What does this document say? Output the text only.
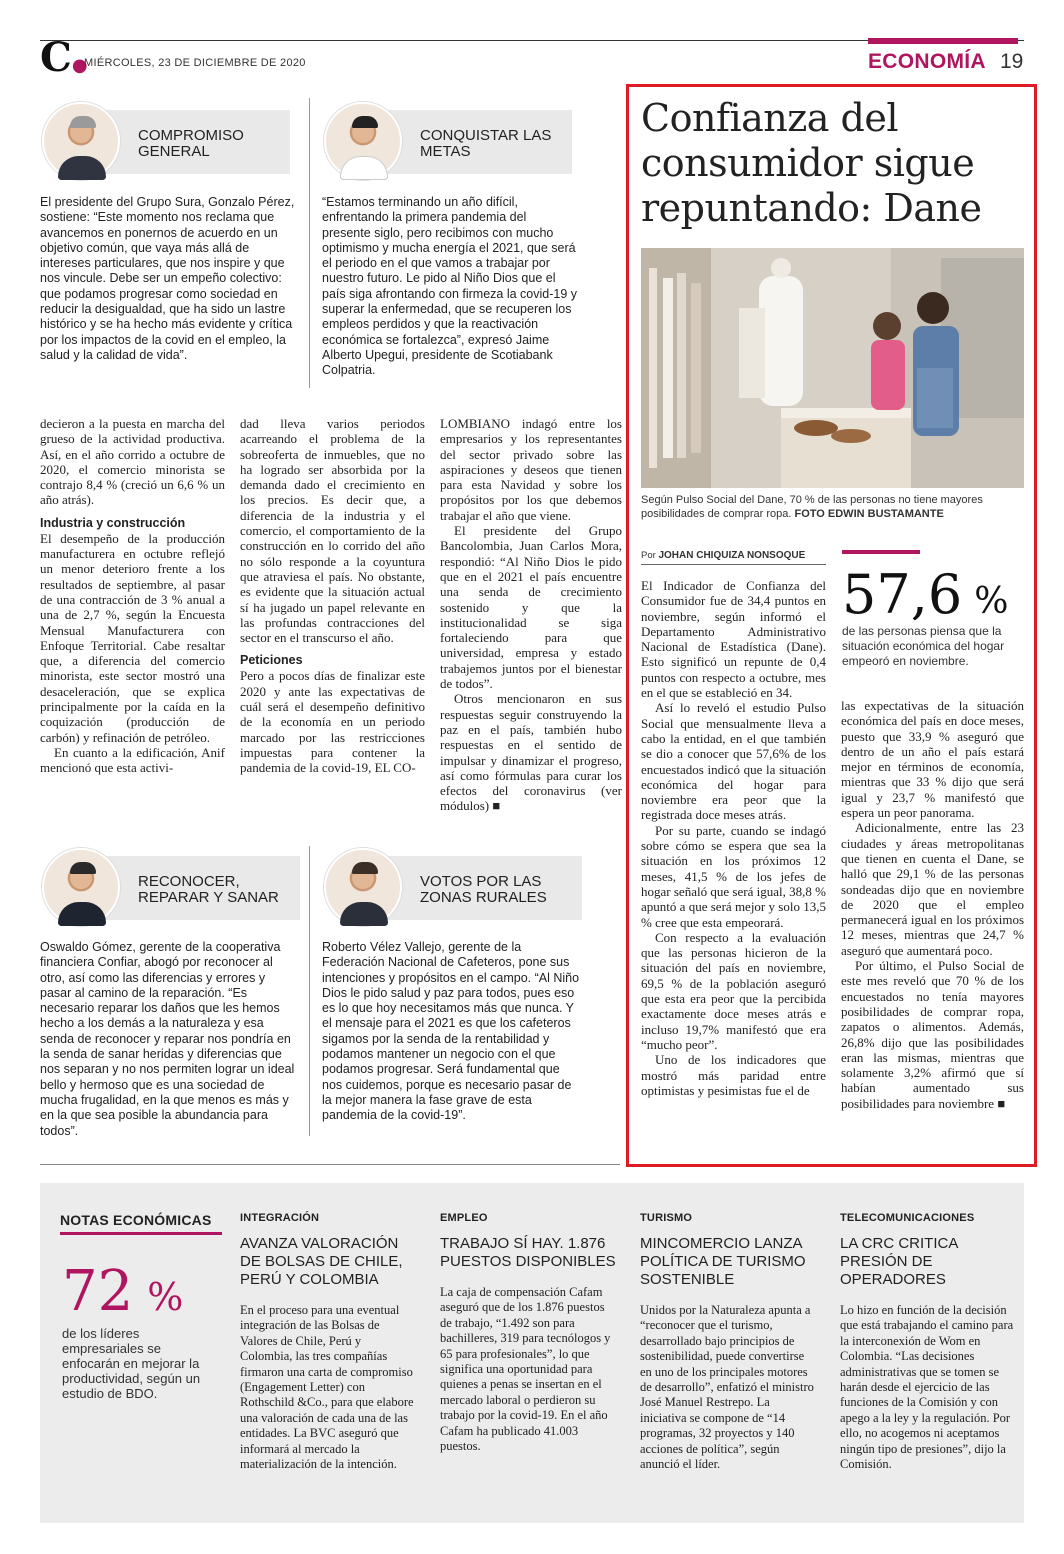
C●
MIÉRCOLES, 23 DE DICIEMBRE DE 2020	ECONOMÍA 19
COMPROMISO GENERAL
El presidente del Grupo Sura, Gonzalo Pérez, sostiene: “Este momento nos reclama que avancemos en ponernos de acuerdo en un objetivo común, que vaya más allá de intereses particulares, que nos inspire y que nos vincule. Debe ser un empeño colectivo: que podamos progresar como sociedad en reducir la desigualdad, que ha sido un lastre histórico y se ha hecho más evidente y crítica por los impactos de la covid en el empleo, la salud y la calidad de vida”.
CONQUISTAR LAS METAS
“Estamos terminando un año difícil, enfrentando la primera pandemia del presente siglo, pero recibimos con mucho optimismo y mucha energía el 2021, que será el periodo en el que vamos a trabajar por nuestro futuro. Le pido al Niño Dios que el país siga afrontando con firmeza la covid-19 y superar la enfermedad, que se recuperen los empleos perdidos y que la reactivación económica se fortalezca”, expresó Jaime Alberto Upegui, presidente de Scotiabank Colpatria.

decieron a la puesta en marcha del grueso de la actividad productiva. Así, en el año corrido a octubre de 2020, el comercio minorista se contrajo 8,4 % (creció un 6,6 % un año atrás).

Industria y construcción

El desempeño de la producción manufacturera en octubre reflejó un menor deterioro frente a los resultados de septiembre, al pasar de una contracción de 3 % anual a una de 2,7 %, según la Encuesta Mensual Manufacturera con Enfoque Territorial. Cabe resaltar que, a diferencia del comercio minorista, este sector mostró una desaceleración, que se explica principalmente por la caída en la coquización (producción de carbón) y refinación de petróleo.

En cuanto a la edificación, Anif mencionó que esta activi-

dad lleva varios periodos acarreando el problema de la sobreoferta de inmuebles, que no ha logrado ser absorbida por la demanda dado el crecimiento en los precios. Es decir que, a diferencia de la industria y el comercio, el comportamiento de la construcción en lo corrido del año no sólo responde a la coyuntura que atraviesa el país. No obstante, es evidente que la situación actual sí ha jugado un papel relevante en las profundas contracciones del sector en el transcurso el año.

Peticiones

Pero a pocos días de finalizar este 2020 y ante las expectativas de cuál será el desempeño definitivo de la economía en un periodo marcado por las restricciones impuestas para contener la pandemia de la covid-19, EL CO-

LOMBIANO indagó entre los empresarios y los representantes del sector privado sobre las aspiraciones y deseos que tienen para esta Navidad y sobre los propósitos por los que debemos trabajar el año que viene.

El presidente del Grupo Bancolombia, Juan Carlos Mora, respondió: “Al Niño Dios le pido que en el 2021 el país encuentre una senda de crecimiento sostenido y que la institucionalidad se siga fortaleciendo para que universidad, empresa y estado trabajemos juntos por el bienestar de todos”.

Otros mencionaron en sus respuestas seguir construyendo la paz en el país, también hubo respuestas en el sentido de impulsar y dinamizar el progreso, así como fórmulas para curar los efectos del coronavirus (ver módulos) ■

RECONOCER, REPARAR Y SANAR
Oswaldo Gómez, gerente de la cooperativa financiera Confiar, abogó por reconocer al otro, así como las diferencias y errores y pasar al camino de la reparación. “Es necesario reparar los daños que les hemos hecho a los demás a la naturaleza y esa senda de reconocer y reparar nos pondría en la senda de sanar heridas y diferencias que nos separan y no nos permiten lograr un ideal bello y hermoso que es una sociedad de mucha frugalidad, en la que menos es más y en la que sea posible la abundancia para todos”.
VOTOS POR LAS ZONAS RURALES
Roberto Vélez Vallejo, gerente de la Federación Nacional de Cafeteros, pone sus intenciones y propósitos en el campo. “Al Niño Dios le pido salud y paz para todos, pues eso es lo que hoy necesitamos más que nunca. Y el mensaje para el 2021 es que los cafeteros sigamos por la senda de la rentabilidad y podamos mantener un negocio con el que podamos progresar. Será fundamental que nos cuidemos, porque es necesario pasar de la mejor manera la fase grave de esta pandemia de la covid-19”.
Confianza del consumidor sigue repuntando: Dane
Según Pulso Social del Dane, 70 % de las personas no tiene mayores posibilidades de comprar ropa. FOTO EDWIN BUSTAMANTE
Por JOHAN CHIQUIZA NONSOQUE
57,6 %
de las personas piensa que la situación económica del hogar empeoró en noviembre.

El Indicador de Confianza del Consumidor fue de 34,4 puntos en noviembre, según informó el Departamento Administrativo Nacional de Estadística (Dane). Esto significó un repunte de 0,4 puntos con respecto a octubre, mes en el que se estableció en 34.

Así lo reveló el estudio Pulso Social que mensualmente lleva a cabo la entidad, en el que también se dio a conocer que 57,6% de los encuestados indicó que la situación económica del hogar para noviembre era peor que la registrada doce meses atrás.

Por su parte, cuando se indagó sobre cómo se espera que sea la situación en los próximos 12 meses, 41,5 % de los jefes de hogar señaló que será igual, 38,8 % apuntó a que será mejor y solo 13,5 % cree que esta empeorará.

Con respecto a la evaluación que las personas hicieron de la situación del país en noviembre, 69,5 % de la población aseguró que esta era peor que la percibida exactamente doce meses atrás e incluso 19,7% manifestó que era “mucho peor”.

Uno de los indicadores que mostró más paridad entre optimistas y pesimistas fue el de

las expectativas de la situación económica del país en doce meses, puesto que 33,9 % aseguró que dentro de un año el país estará mejor en términos de economía, mientras que 33 % dijo que será igual y 23,7 % manifestó que espera un peor panorama.

Adicionalmente, entre las 23 ciudades y áreas metropolitanas que tienen en cuenta el Dane, se halló que 29,1 % de las personas sondeadas dijo que en noviembre de 2020 que el empleo permanecerá igual en los próximos 12 meses, mientras que 24,7 % aseguró que aumentará poco.

Por último, el Pulso Social de este mes reveló que 70 % de los encuestados no tenía mayores posibilidades de comprar ropa, zapatos o alimentos. Además, 26,8% dijo que las posibilidades eran las mismas, mientras que solamente 3,2% afirmó que sí habían aumentado sus posibilidades para noviembre ■

NOTAS ECONÓMICAS
72 %
de los líderes empresariales se enfocarán en mejorar la productividad, según un estudio de BDO.
INTEGRACIÓN
AVANZA VALORACIÓN DE BOLSAS DE CHILE, PERÚ Y COLOMBIA
En el proceso para una eventual integración de las Bolsas de Valores de Chile, Perú y Colombia, las tres compañías firmaron una carta de compromiso (Engagement Letter) con Rothschild &Co., para que elabore una valoración de cada una de las entidades. La BVC aseguró que informará al mercado la materialización de la intención.
EMPLEO
TRABAJO SÍ HAY. 1.876 PUESTOS DISPONIBLES
La caja de compensación Cafam aseguró que de los 1.876 puestos de trabajo, “1.492 son para bachilleres, 319 para tecnólogos y 65 para profesionales”, lo que significa una oportunidad para quienes a penas se insertan en el mercado laboral o perdieron su trabajo por la covid-19. En el año Cafam ha publicado 41.003 puestos.
TURISMO
MINCOMERCIO LANZA POLÍTICA DE TURISMO SOSTENIBLE
Unidos por la Naturaleza apunta a “reconocer que el turismo, desarrollado bajo principios de sostenibilidad, puede convertirse en uno de los principales motores de desarrollo”, enfatizó el ministro José Manuel Restrepo. La iniciativa se compone de “14 programas, 32 proyectos y 140 acciones de política”, según anunció el líder.
TELECOMUNICACIONES
LA CRC CRITICA PRESIÓN DE OPERADORES
Lo hizo en función de la decisión que está trabajando el camino para la interconexión de Wom en Colombia. “Las decisiones administrativas que se tomen se harán desde el ejercicio de las funciones de la Comisión y con apego a la ley y la regulación. Por ello, no acogemos ni aceptamos ningún tipo de presiones”, dijo la Comisión.
